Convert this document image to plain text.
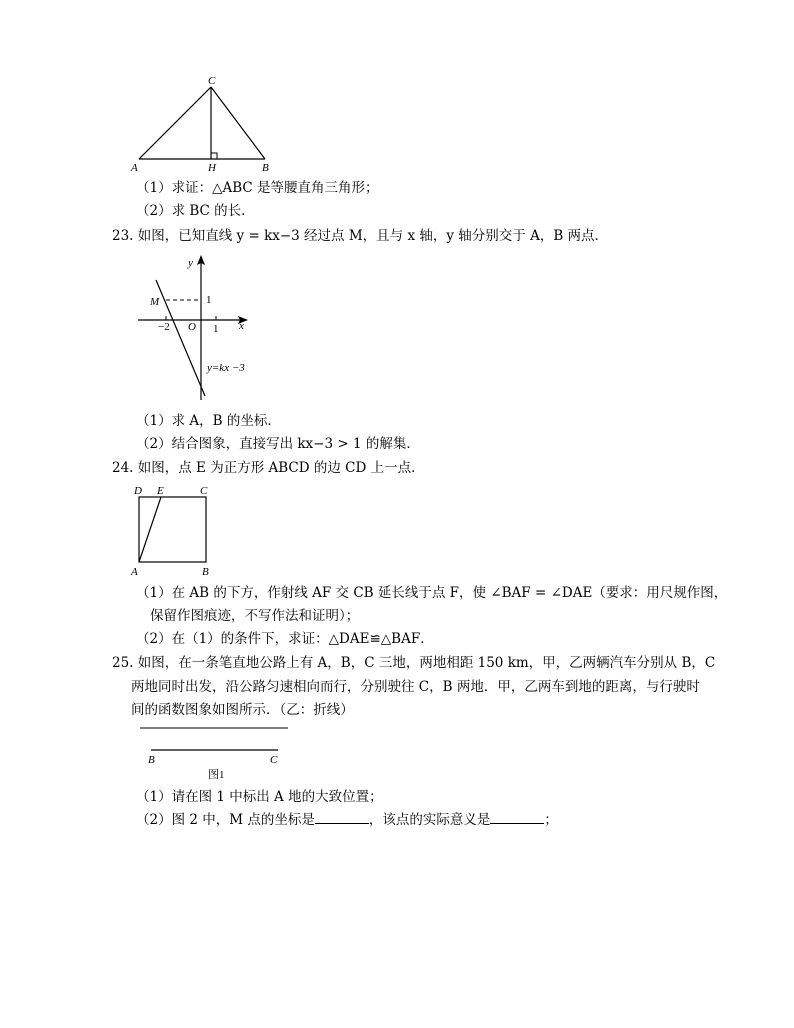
C
A	H	B
（1）求证：△ABC 是等腰直角三角形；
（2）求 BC 的长．
23. 如图，已知直线 y = kx−3 经过点 M，且与 x 轴，y 轴分别交于 A，B 两点．
y
x
M	1
O 1
−2
y=kx −3
（1）求 A，B 的坐标．
（2）结合图象，直接写出 kx−3 > 1 的解集．
24. 如图，点 E 为正方形 ABCD 的边 CD 上一点．
D E	C
A	B
（1）在 AB 的下方，作射线 AF 交 CB 延长线于点 F，使 ∠BAF = ∠DAE（要求：用尺规作图，
保留作图痕迹，不写作法和证明）；
（2）在（1）的条件下，求证：△DAE≌△BAF．
25. 如图，在一条笔直地公路上有 A，B，C 三地，两地相距 150 km，甲，乙两辆汽车分别从 B，C
两地同时出发，沿公路匀速相向而行，分别驶往 C，B 两地．甲，乙两车到地的距离，与行驶时
间的函数图象如图所示．（乙：折线）
B	C
图1
（1）请在图 1 中标出 A 地的大致位置；
（2）图 2 中，M 点的坐标是	，该点的实际意义是	；
